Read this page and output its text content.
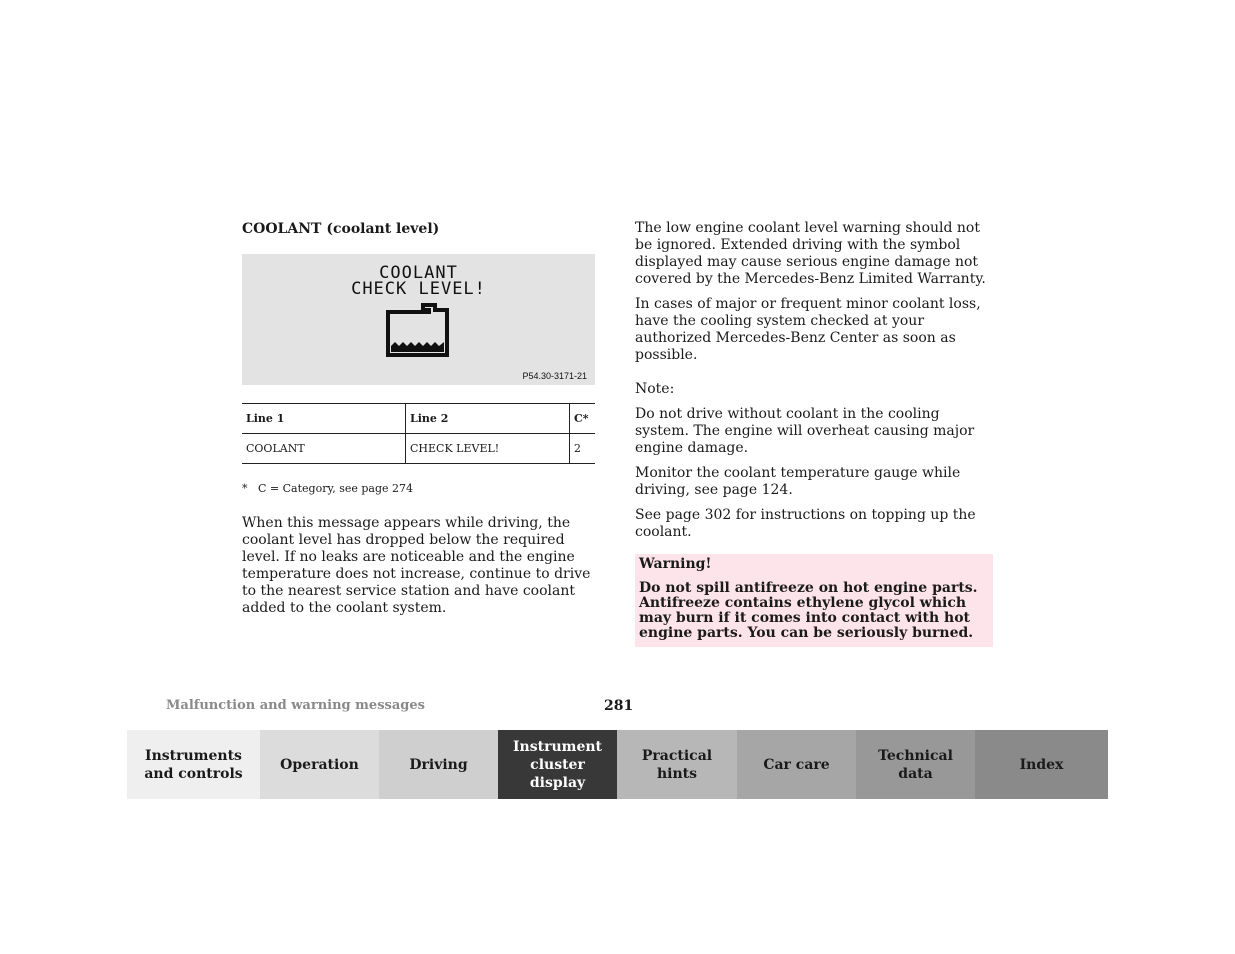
COOLANT (coolant level)

COOLANT
CHECK LEVEL!
P54.30-3171-21
Line 1	Line 2	C*
COOLANT	CHECK LEVEL!	2
* C = Category, see page 274

When this message appears while driving, the coolant level has dropped below the required level. If no leaks are noticeable and the engine temperature does not increase, continue to drive to the nearest service station and have coolant added to the coolant system.

The low engine coolant level warning should not be ignored. Extended driving with the symbol displayed may cause serious engine damage not covered by the Mercedes-Benz Limited Warranty.

In cases of major or frequent minor coolant loss, have the cooling system checked at your authorized Mercedes-Benz Center as soon as possible.

Note:

Do not drive without coolant in the cooling system. The engine will overheat causing major engine damage.

Monitor the coolant temperature gauge while driving, see page 124.

See page 302 for instructions on topping up the coolant.

Warning!

Do not spill antifreeze on hot engine parts. Antifreeze contains ethylene glycol which may burn if it comes into contact with hot engine parts. You can be seriously burned.

Malfunction and warning messages	281
Instruments
and controls
Operation	Driving
Instrument
cluster display
Practical hints
Car care
Technical
data
Index
